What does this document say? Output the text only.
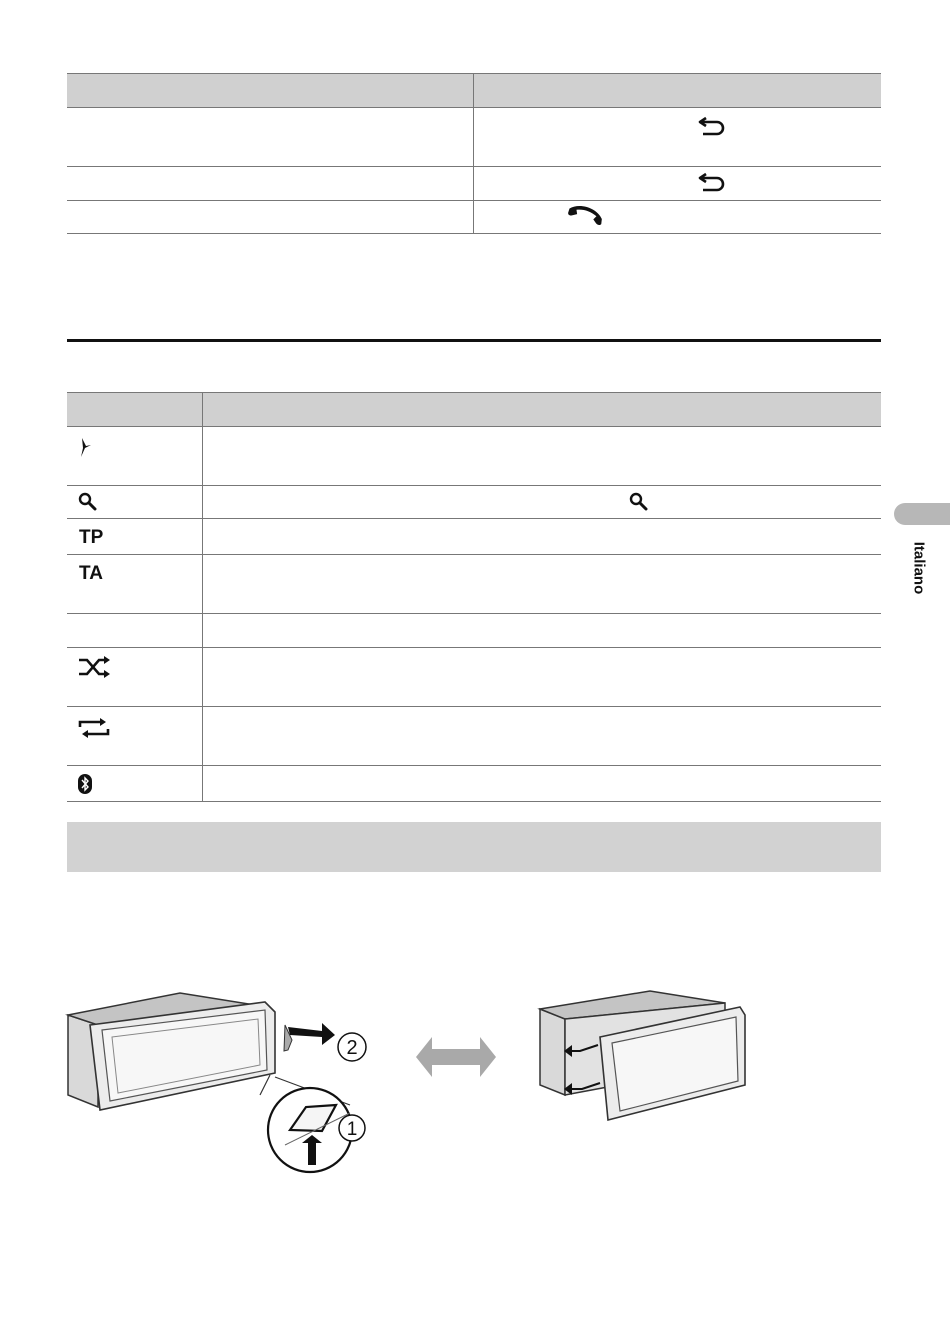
TP
TA	Italiano
2
1
